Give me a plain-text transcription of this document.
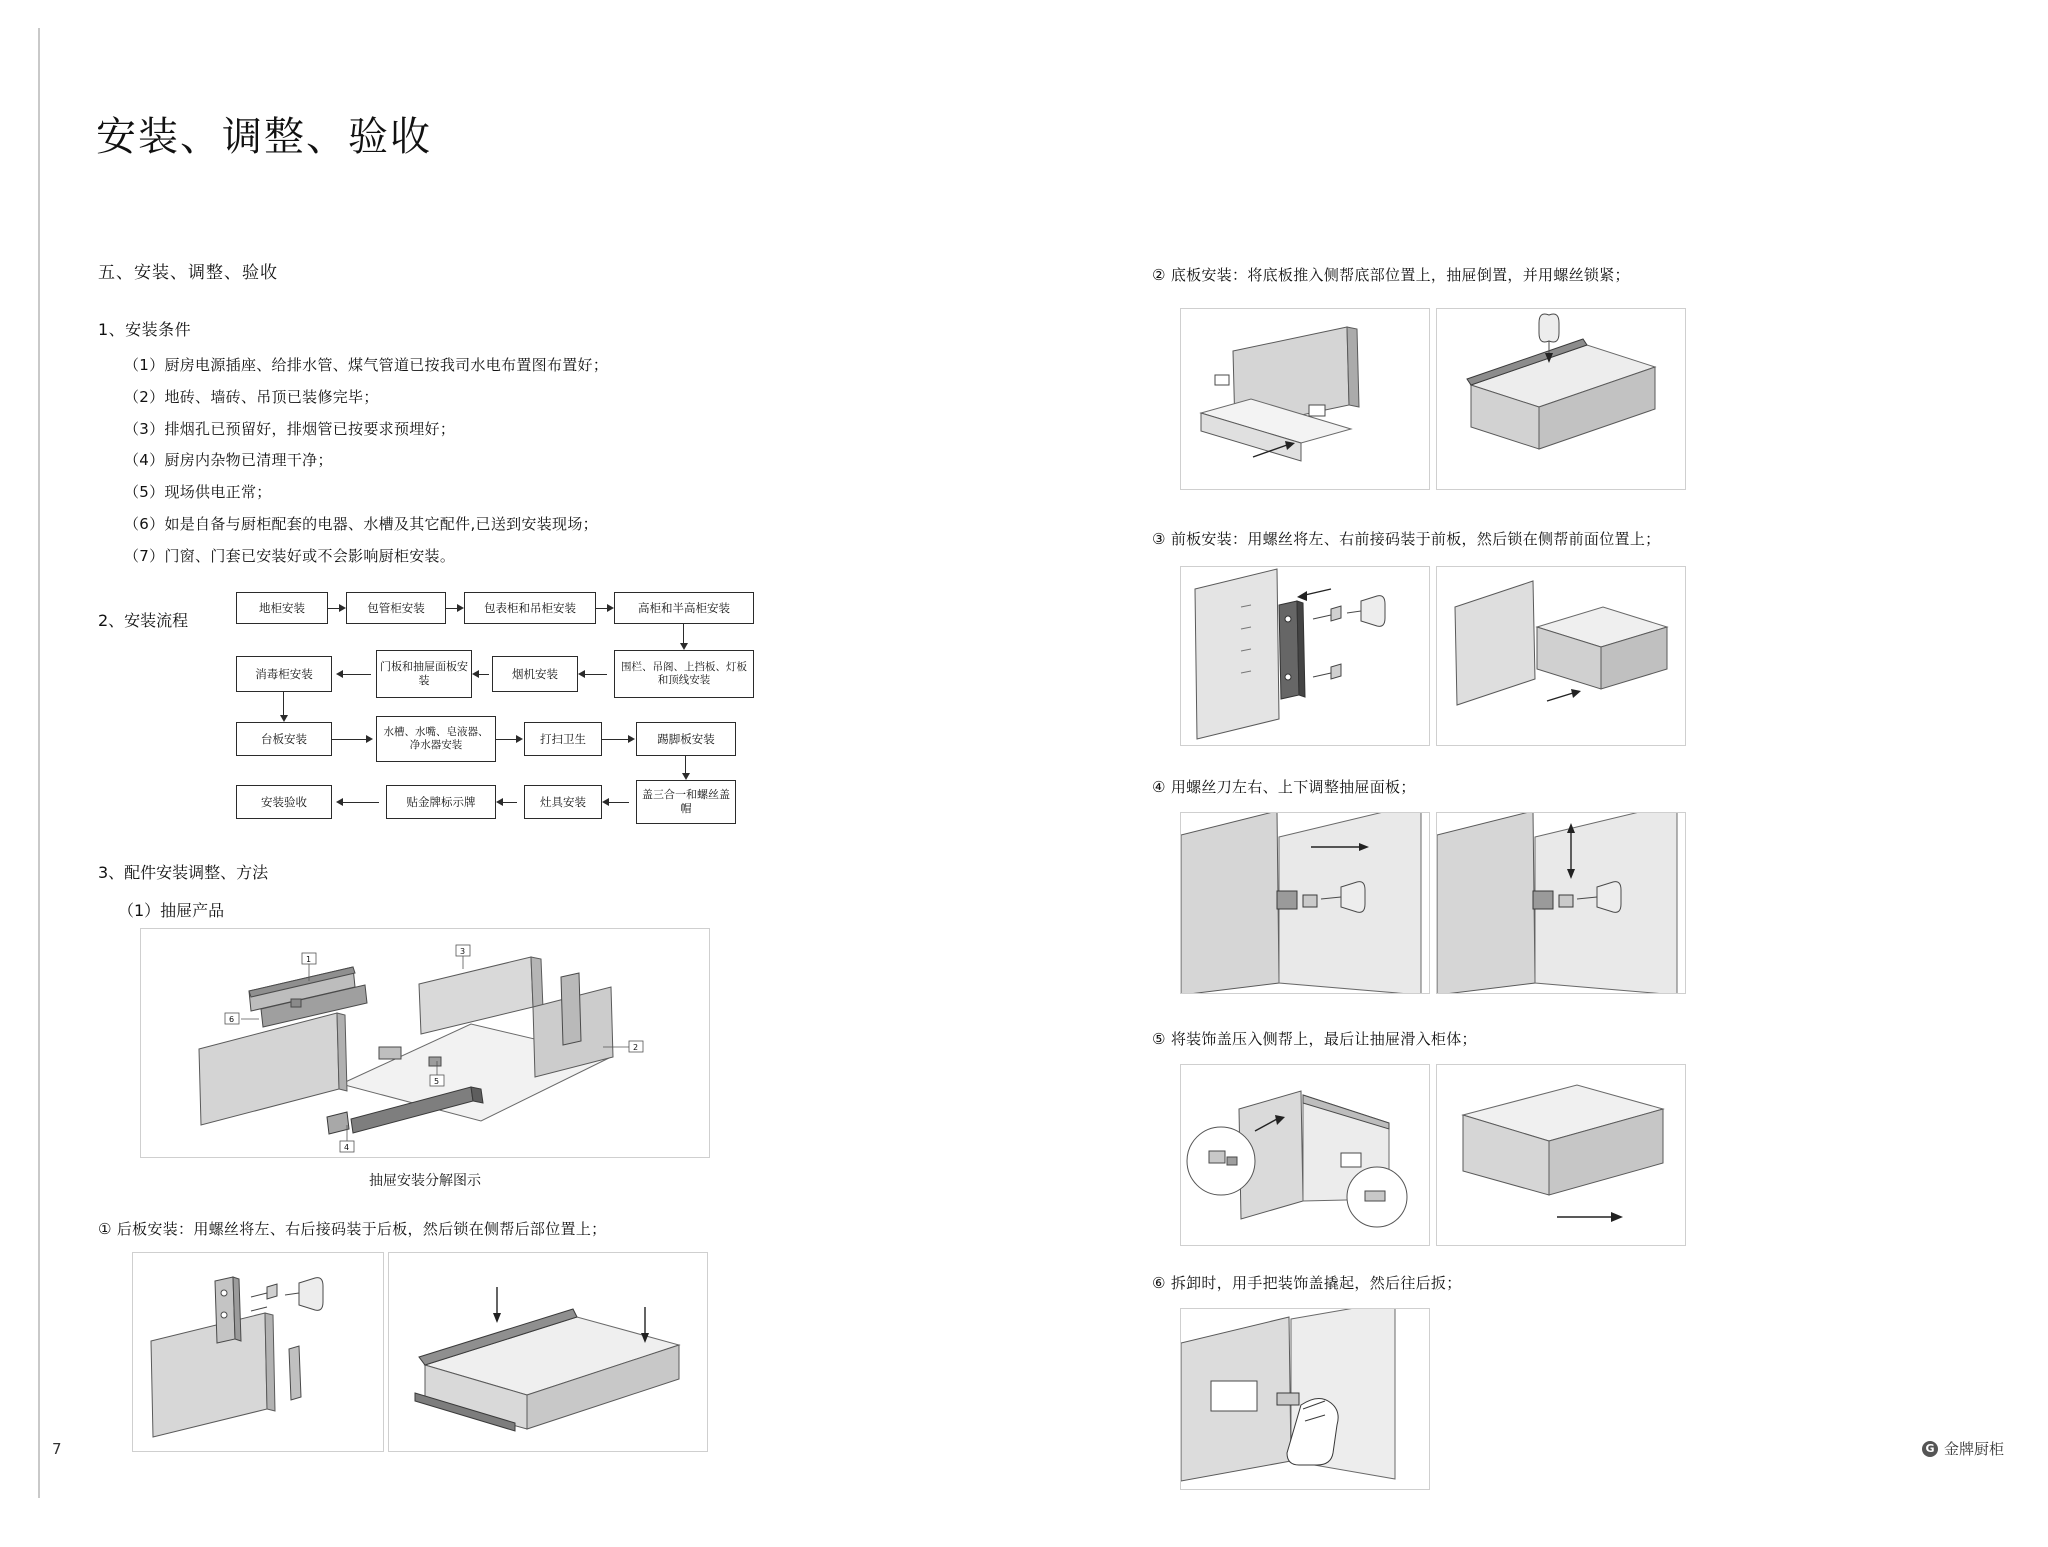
安装、调整、验收
五、安装、调整、验收
1、安装条件
（1）厨房电源插座、给排水管、煤气管道已按我司水电布置图布置好；
（2）地砖、墙砖、吊顶已装修完毕；
（3）排烟孔已预留好，排烟管已按要求预埋好；
（4）厨房内杂物已清理干净；
（5）现场供电正常；
（6）如是自备与厨柜配套的电器、水槽及其它配件,已送到安装现场；
（7）门窗、门套已安装好或不会影响厨柜安装。
2、安装流程
地柜安装	包管柜安装	包表柜和吊柜安装	高柜和半高柜安装
围栏、吊阁、上挡板、灯板和顶线安装
烟机安装
门板和抽屉面板安装
消毒柜安装
台板安装	水槽、水嘴、皂液器、净水器安装	打扫卫生	踢脚板安装
盖三合一和螺丝盖帽
灶具安装
贴金牌标示牌
安装验收
3、配件安装调整、方法
（1）抽屉产品
1
3
2
4
5
6
抽屉安装分解图示
① 后板安装：用螺丝将左、右后接码装于后板，然后锁在侧帮后部位置上；
② 底板安装：将底板推入侧帮底部位置上，抽屉倒置，并用螺丝锁紧；
③ 前板安装：用螺丝将左、右前接码装于前板，然后锁在侧帮前面位置上；
④ 用螺丝刀左右、上下调整抽屉面板；
⑤ 将装饰盖压入侧帮上，最后让抽屉滑入柜体；
⑥ 拆卸时，用手把装饰盖撬起，然后往后扳；
7	G 金牌厨柜
